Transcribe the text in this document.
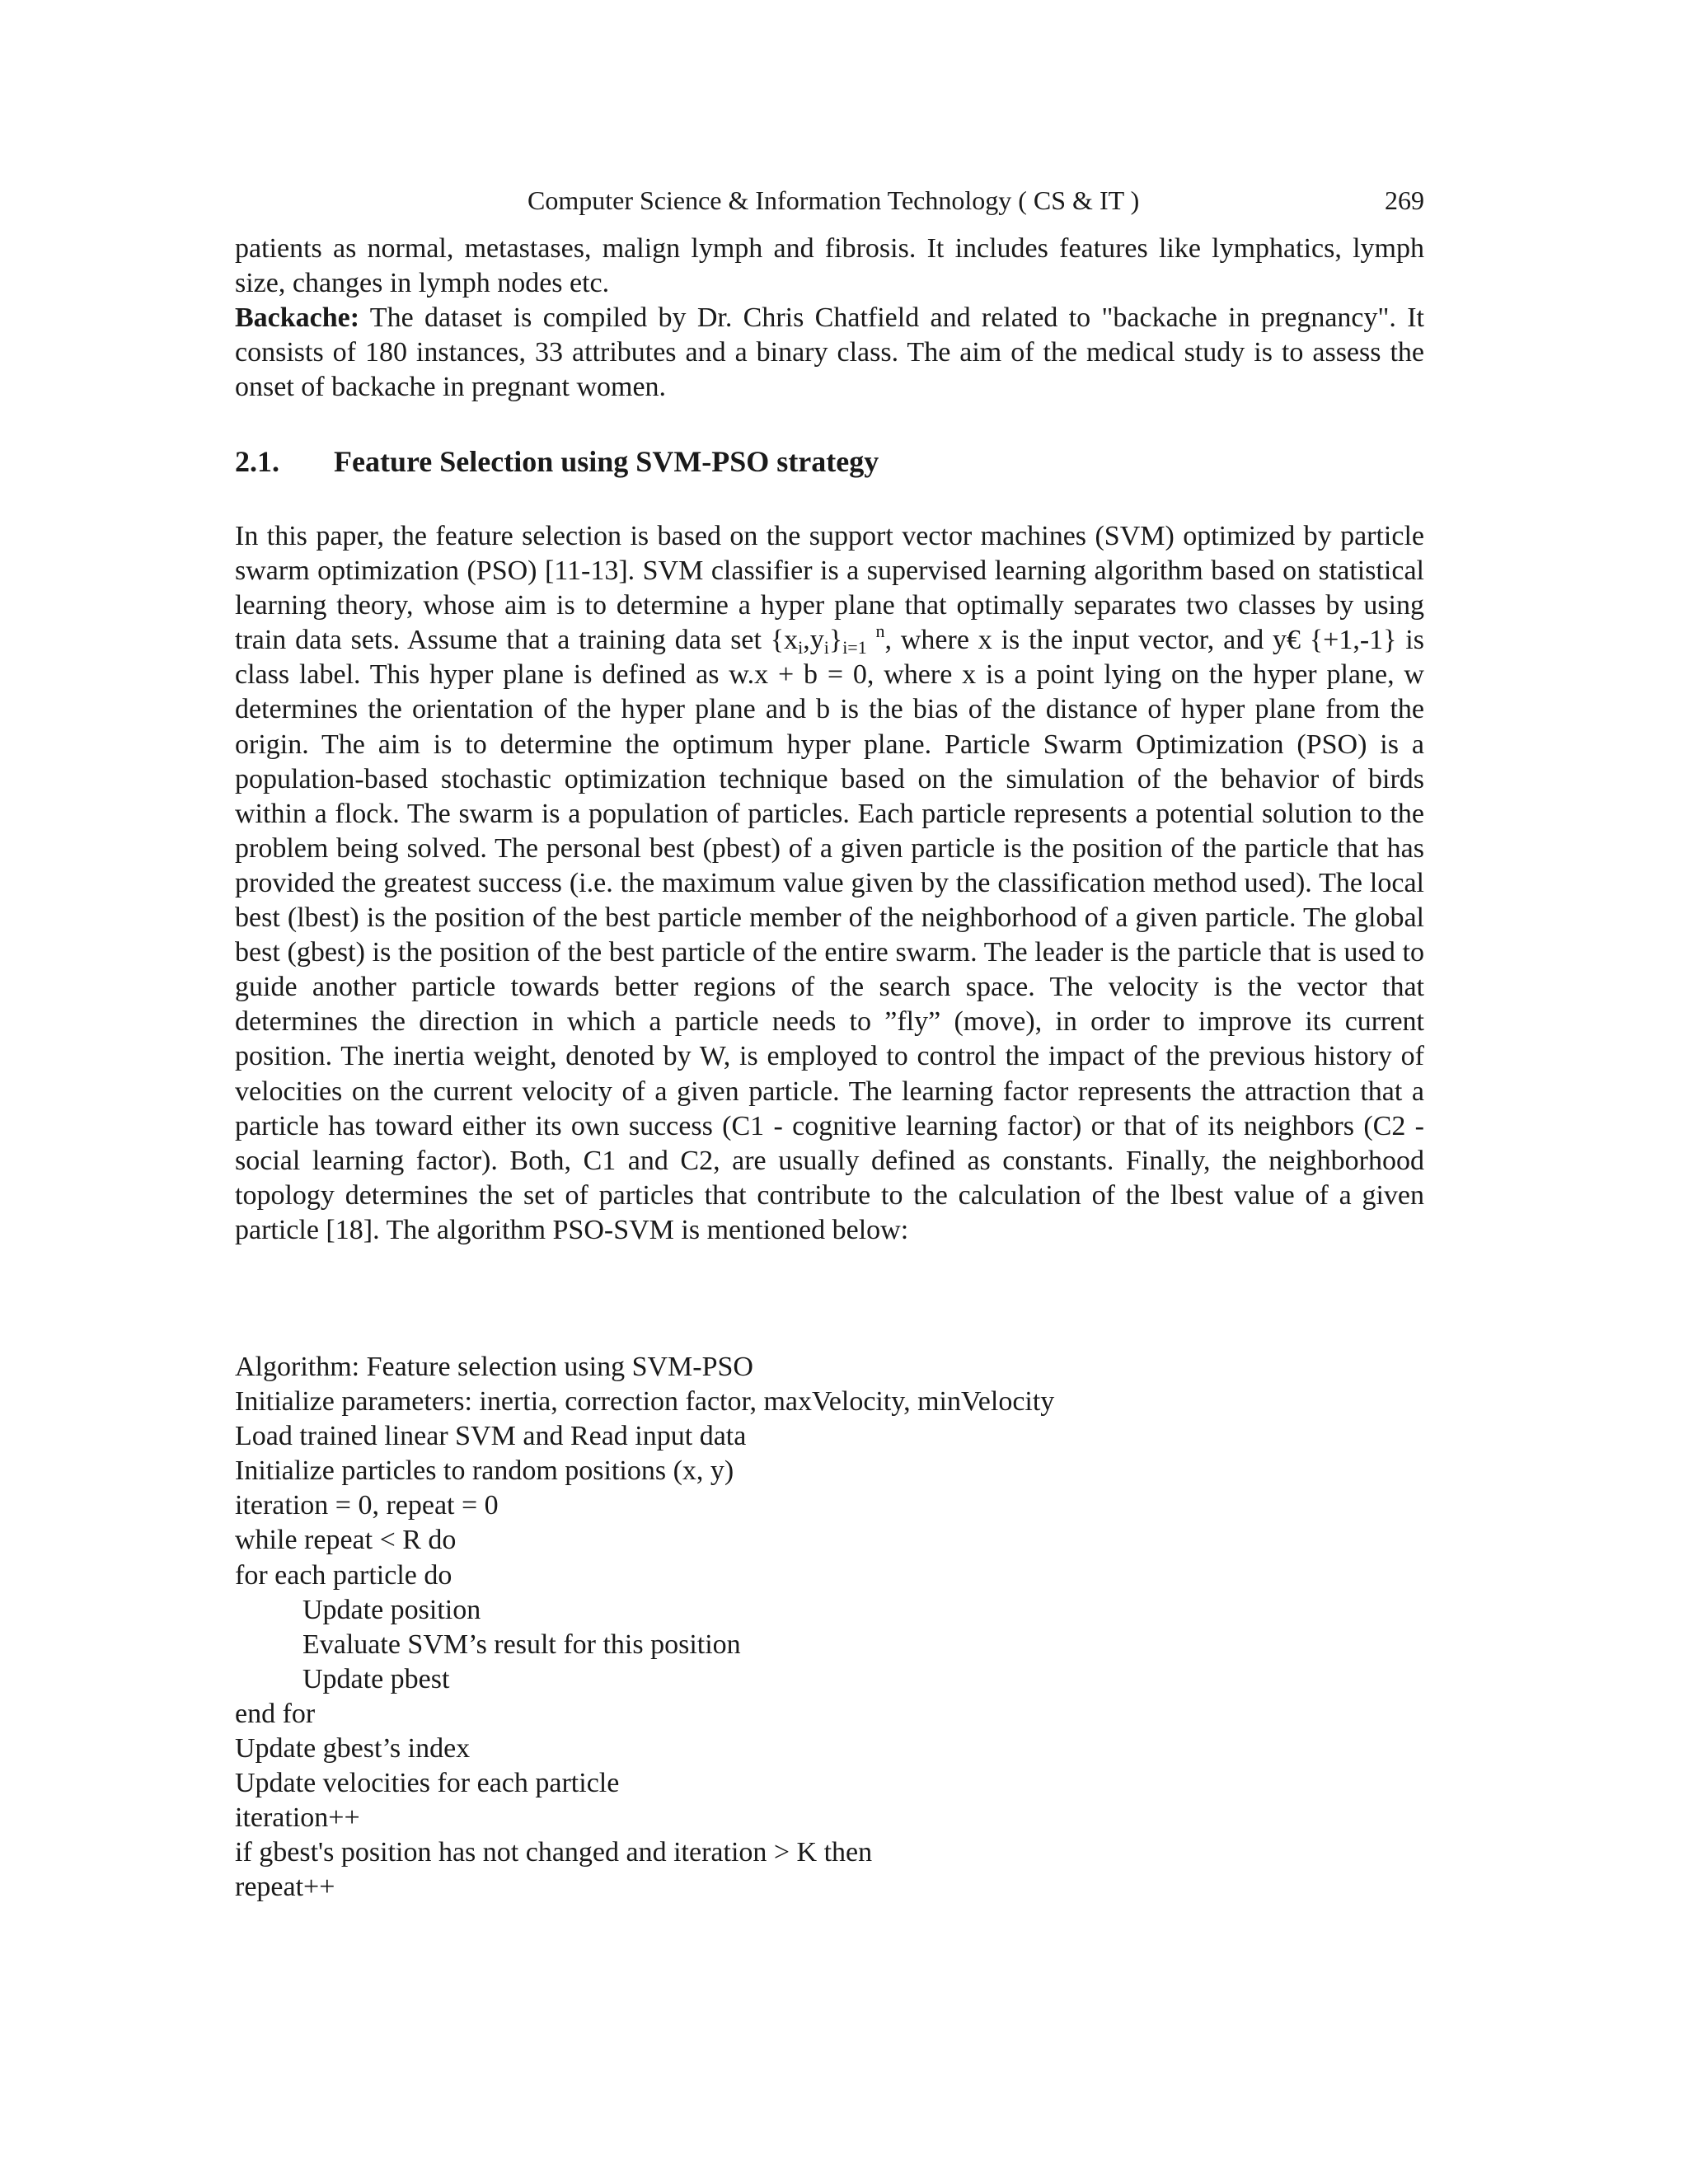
Computer Science & Information Technology ( CS & IT )	269

patients as normal, metastases, malign lymph and fibrosis. It includes features like lymphatics, lymph size, changes in lymph nodes etc.

Backache: The dataset is compiled by Dr. Chris Chatfield and related to "backache in pregnancy". It consists of 180 instances, 33 attributes and a binary class. The aim of the medical study is to assess the onset of backache in pregnant women.

2.1. Feature Selection using SVM-PSO strategy

In this paper, the feature selection is based on the support vector machines (SVM) optimized by particle swarm optimization (PSO) [11-13]. SVM classifier is a supervised learning algorithm based on statistical learning theory, whose aim is to determine a hyper plane that optimally separates two classes by using train data sets. Assume that a training data set $\{x_i,y_i\}_{i=1}$ $^n$, where x is the input vector, and y€ {+1,-1} is class label. This hyper plane is defined as w.x + b = 0, where x is a point lying on the hyper plane, w determines the orientation of the hyper plane and b is the bias of the distance of hyper plane from the origin. The aim is to determine the optimum hyper plane. Particle Swarm Optimization (PSO) is a population-based stochastic optimization technique based on the simulation of the behavior of birds within a flock. The swarm is a population of particles. Each particle represents a potential solution to the problem being solved. The personal best (pbest) of a given particle is the position of the particle that has provided the greatest success (i.e. the maximum value given by the classification method used). The local best (lbest) is the position of the best particle member of the neighborhood of a given particle. The global best (gbest) is the position of the best particle of the entire swarm. The leader is the particle that is used to guide another particle towards better regions of the search space. The velocity is the vector that determines the direction in which a particle needs to ”fly” (move), in order to improve its current position. The inertia weight, denoted by W, is employed to control the impact of the previous history of velocities on the current velocity of a given particle. The learning factor represents the attraction that a particle has toward either its own success (C1 - cognitive learning factor) or that of its neighbors (C2 - social learning factor). Both, C1 and C2, are usually defined as constants. Finally, the neighborhood topology determines the set of particles that contribute to the calculation of the lbest value of a given particle [18]. The algorithm PSO-SVM is mentioned below:

Algorithm: Feature selection using SVM-PSO
Initialize parameters: inertia, correction factor, maxVelocity, minVelocity
Load trained linear SVM and Read input data
Initialize particles to random positions (x, y)
iteration = 0, repeat = 0
while repeat < R do
for each particle do
Update position
Evaluate SVM’s result for this position
Update pbest
end for
Update gbest’s index
Update velocities for each particle
iteration++
if gbest's position has not changed and iteration > K then
repeat++
